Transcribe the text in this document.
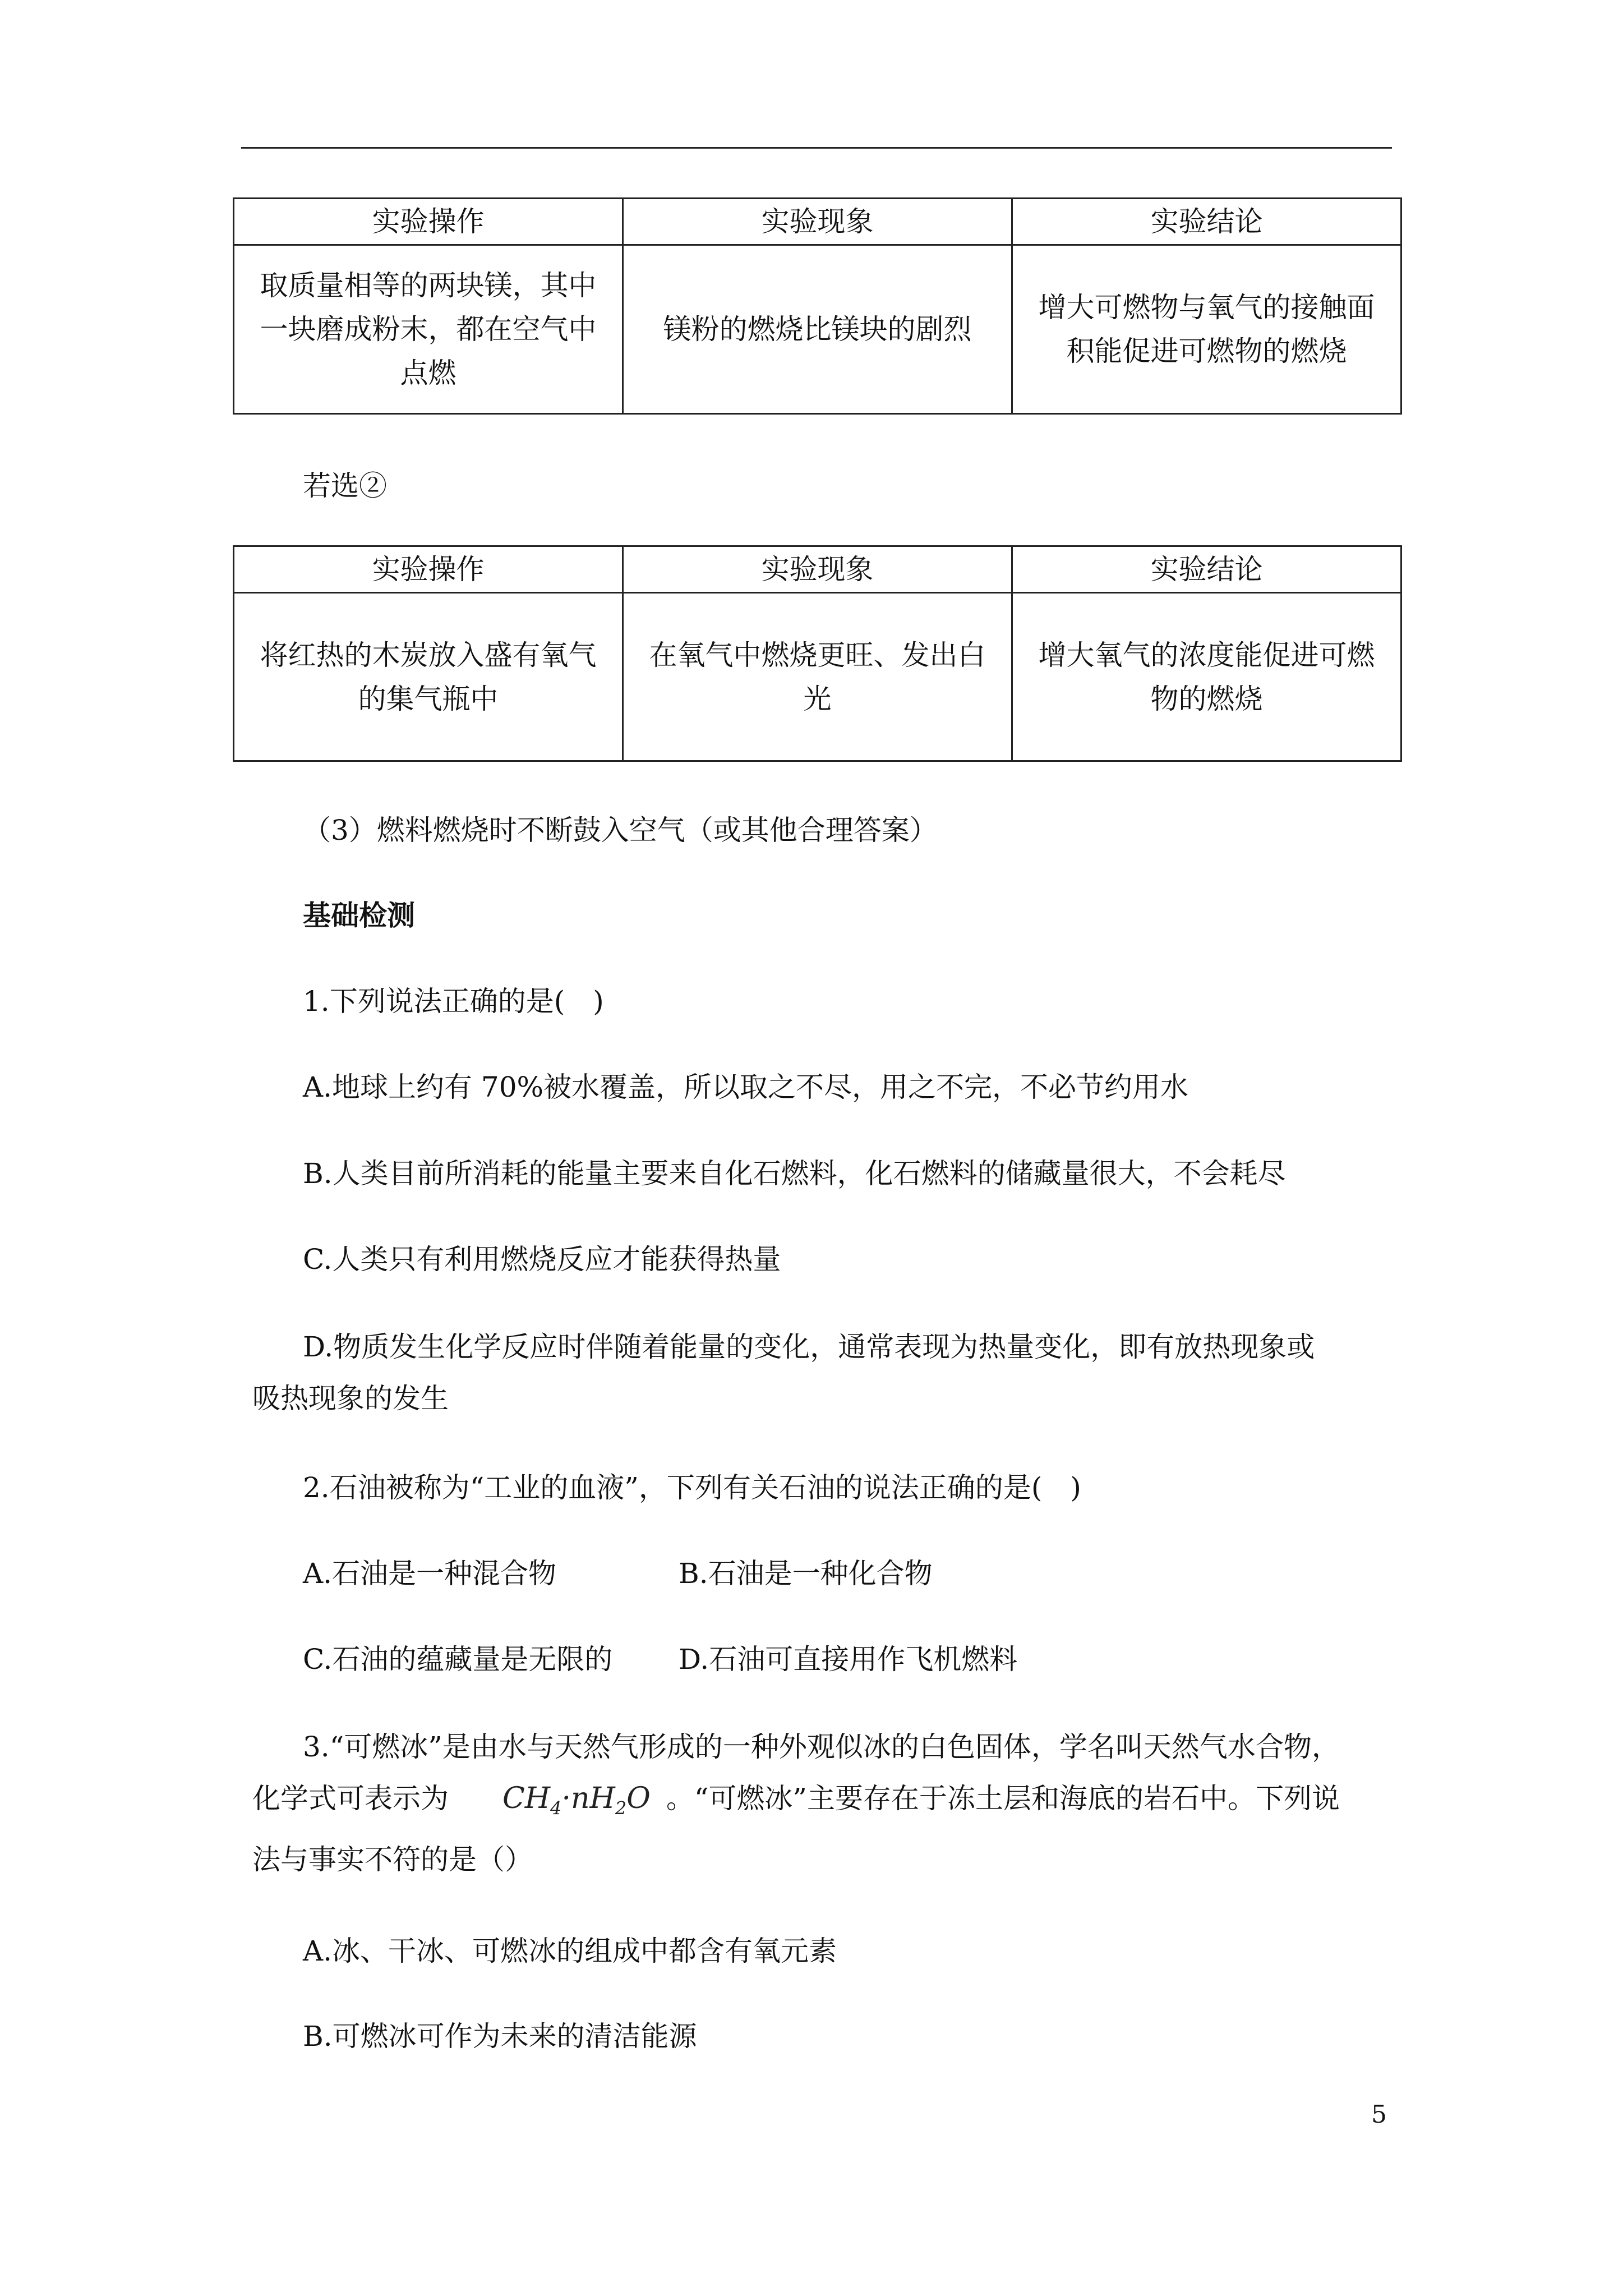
实验操作	实验现象	实验结论
取质量相等的两块镁，其中一块磨成粉末，都在空气中点燃	镁粉的燃烧比镁块的剧烈	增大可燃物与氧气的接触面积能促进可燃物的燃烧

若选②

实验操作	实验现象	实验结论
将红热的木炭放入盛有氧气的集气瓶中	在氧气中燃烧更旺、发出白光	增大氧气的浓度能促进可燃物的燃烧

（3）燃料燃烧时不断鼓入空气（或其他合理答案）

基础检测

1.下列说法正确的是(　)

A.地球上约有 70%被水覆盖，所以取之不尽，用之不完，不必节约用水

B.人类目前所消耗的能量主要来自化石燃料，化石燃料的储藏量很大，不会耗尽

C.人类只有利用燃烧反应才能获得热量

D.物质发生化学反应时伴随着能量的变化，通常表现为热量变化，即有放热现象或吸热现象的发生

2.石油被称为“工业的血液”，下列有关石油的说法正确的是(　)

A.石油是一种混合物	B.石油是一种化合物

C.石油的蕴藏量是无限的 D.石油可直接用作飞机燃料

3.“可燃冰”是由水与天然气形成的一种外观似冰的白色固体，学名叫天然气水合物，化学式可表示为 $CH_4\cdot nH_2O$ 。“可燃冰”主要存在于冻土层和海底的岩石中。下列说法与事实不符的是（）

A.冰、干冰、可燃冰的组成中都含有氧元素

B.可燃冰可作为未来的清洁能源

5
